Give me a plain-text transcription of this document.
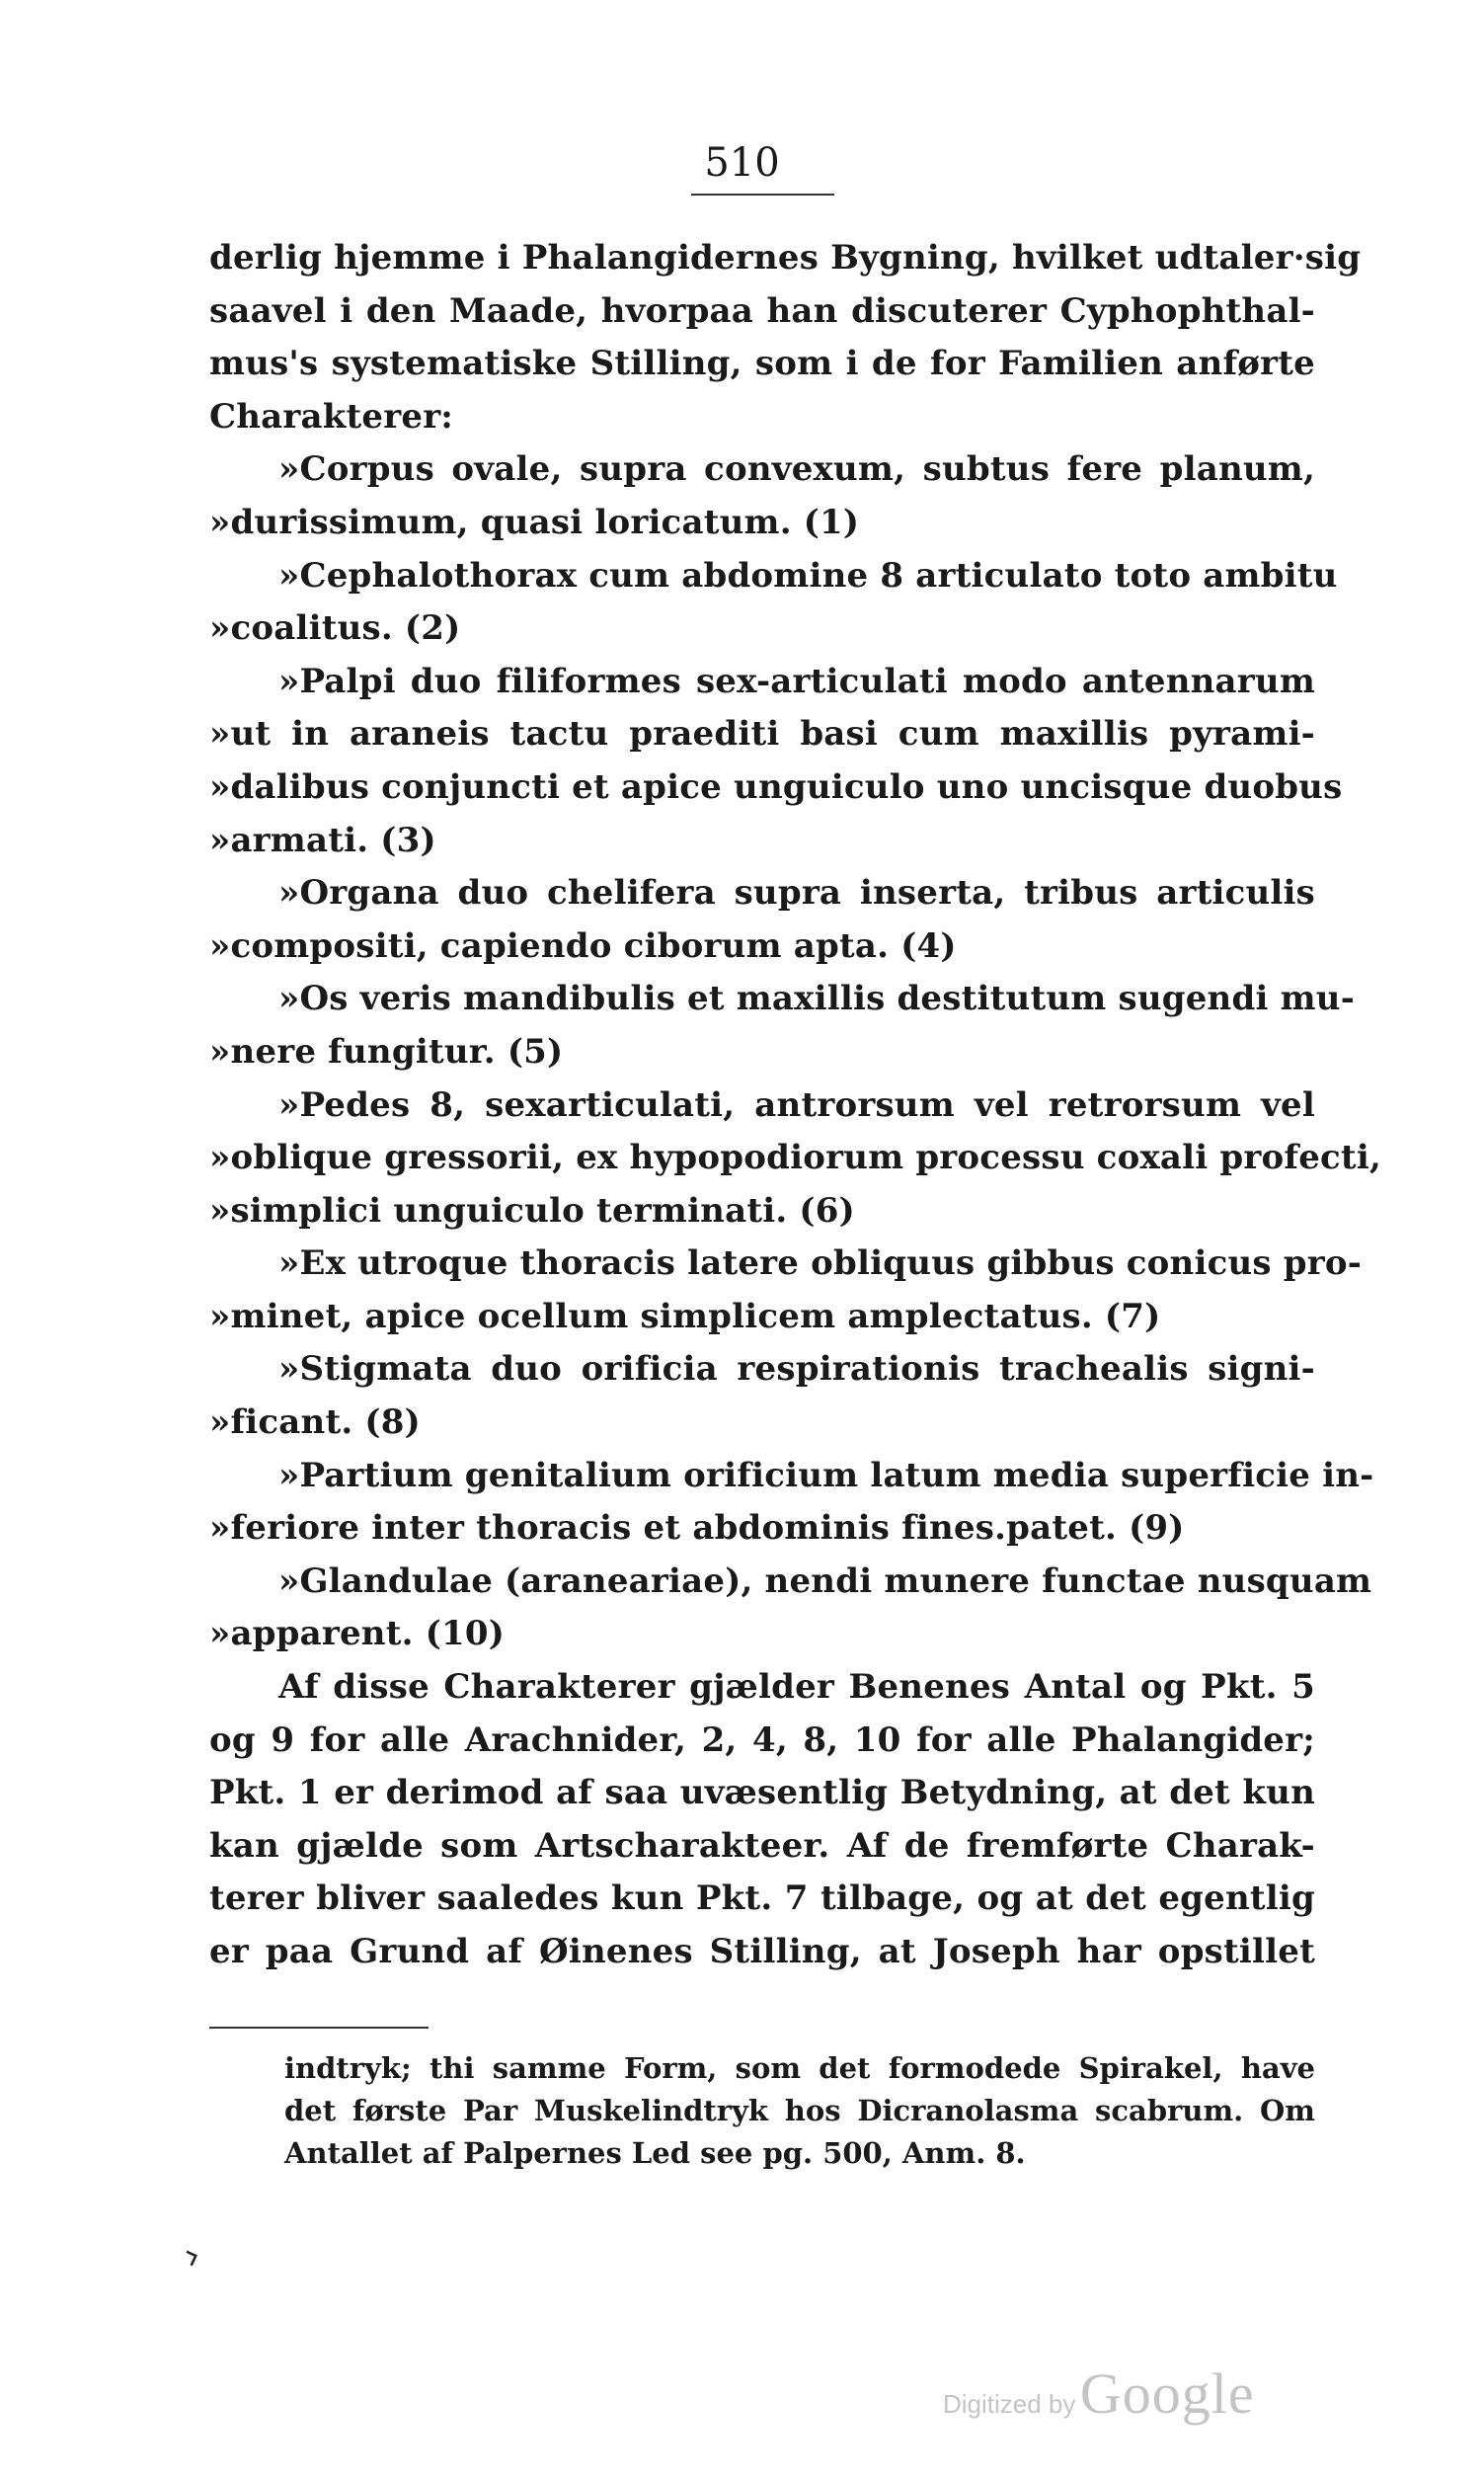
510
derlig hjemme i Phalangidernes Bygning, hvilket udtaler·sig
saavel i den Maade, hvorpaa han discuterer Cyphophthal-
mus's systematiske Stilling, som i de for Familien anførte
Charakterer:
»Corpus ovale, supra convexum, subtus fere planum,
»durissimum, quasi loricatum. (1)
»Cephalothorax cum abdomine 8 articulato toto ambitu
»coalitus. (2)
»Palpi duo filiformes sex-articulati modo antennarum
»ut in araneis tactu praediti basi cum maxillis pyrami-
»dalibus conjuncti et apice unguiculo uno uncisque duobus
»armati. (3)
»Organa duo chelifera supra inserta, tribus articulis
»compositi, capiendo ciborum apta. (4)
»Os veris mandibulis et maxillis destitutum sugendi mu-
»nere fungitur. (5)
»Pedes 8, sexarticulati, antrorsum vel retrorsum vel
»oblique gressorii, ex hypopodiorum processu coxali profecti,
»simplici unguiculo terminati. (6)
»Ex utroque thoracis latere obliquus gibbus conicus pro-
»minet, apice ocellum simplicem amplectatus. (7)
»Stigmata duo orificia respirationis trachealis signi-
»ficant. (8)
»Partium genitalium orificium latum media superficie in-
»feriore inter thoracis et abdominis fines.patet. (9)
»Glandulae (aranearіae), nendi munere functae nusquam
»apparent. (10)
Af disse Charakterer gjælder Benenes Antal og Pkt. 5
og 9 for alle Arachnider, 2, 4, 8, 10 for alle Phalangider;
Pkt. 1 er derimod af saa uvæsentlig Betydning, at det kun
kan gjælde som Artscharakteer. Af de fremførte Charak-
terer bliver saaledes kun Pkt. 7 tilbage, og at det egentlig
er paa Grund af Øinenes Stilling, at Joseph har opstillet
indtryk; thi samme Form, som det formodede Spirakel, have
det første Par Muskelindtryk hos Dicranolasma scabrum. Om
Antallet af Palpernes Led see pg. 500, Anm. 8.
⌝
Digitized by Google
